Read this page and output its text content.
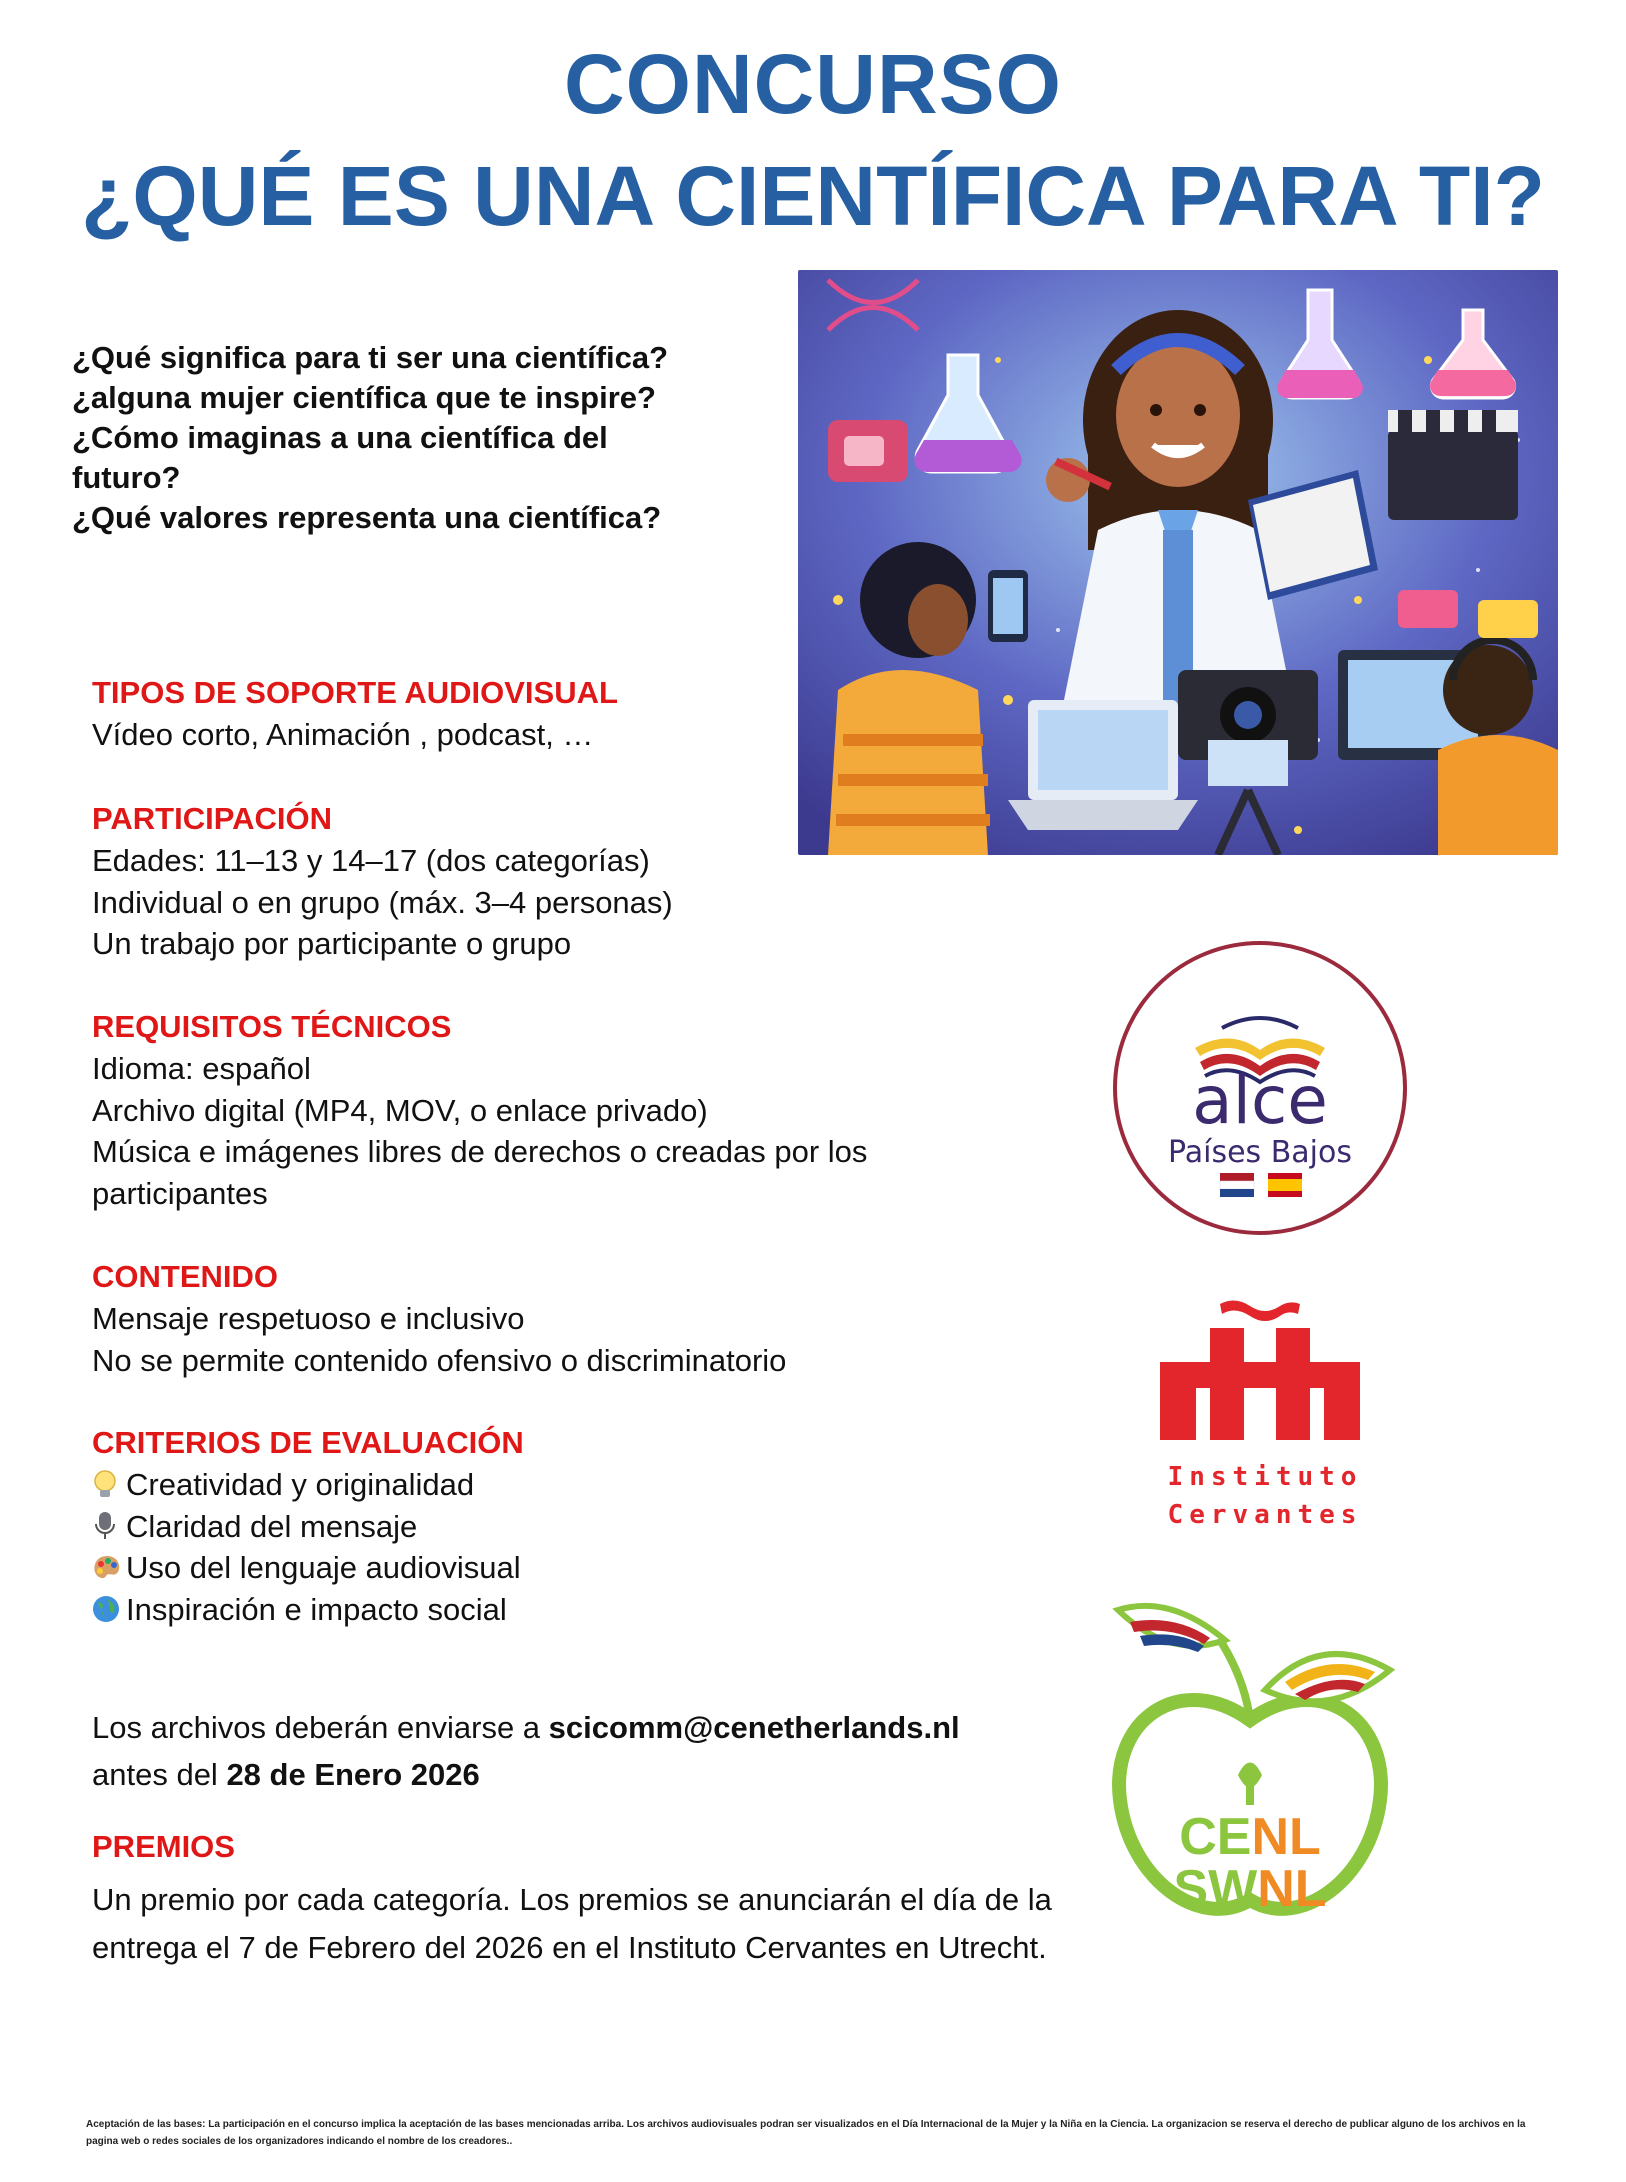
CONCURSO
¿QUÉ ES UNA CIENTÍFICA PARA TI?
¿Qué significa para ti ser una científica?
¿alguna mujer científica que te inspire?
¿Cómo imaginas a una científica del
futuro?
¿Qué valores representa una científica?
TIPOS DE SOPORTE AUDIOVISUAL
Vídeo corto, Animación , podcast, …
PARTICIPACIÓN
Edades: 11–13 y 14–17 (dos categorías)
Individual o en grupo (máx. 3–4 personas)
Un trabajo por participante o grupo
REQUISITOS TÉCNICOS
Idioma: español
Archivo digital (MP4, MOV, o enlace privado)
Música e imágenes libres de derechos o creadas por los
participantes
CONTENIDO
Mensaje respetuoso e inclusivo
No se permite contenido ofensivo o discriminatorio
CRITERIOS DE EVALUACIÓN
Creatividad y originalidad
Claridad del mensaje
Uso del lenguaje audiovisual
Inspiración e impacto social
Los archivos deberán enviarse a scicomm@cenetherlands.nl
antes del 28 de Enero 2026
PREMIOS
Un premio por cada categoría. Los premios se anunciarán el día de la entrega el 7 de Febrero del 2026 en el Instituto Cervantes en Utrecht.
alce
Países Bajos
Instituto
Cervantes
CENL
SWNL
Aceptación de las bases: La participación en el concurso implica la aceptación de las bases mencionadas arriba. Los archivos audiovisuales podran ser visualizados en el Día Internacional de la Mujer y la Niña en la Ciencia. La organizacion se reserva el derecho de publicar alguno de los archivos en la pagina web o redes sociales de los organizadores indicando el nombre de los creadores..
